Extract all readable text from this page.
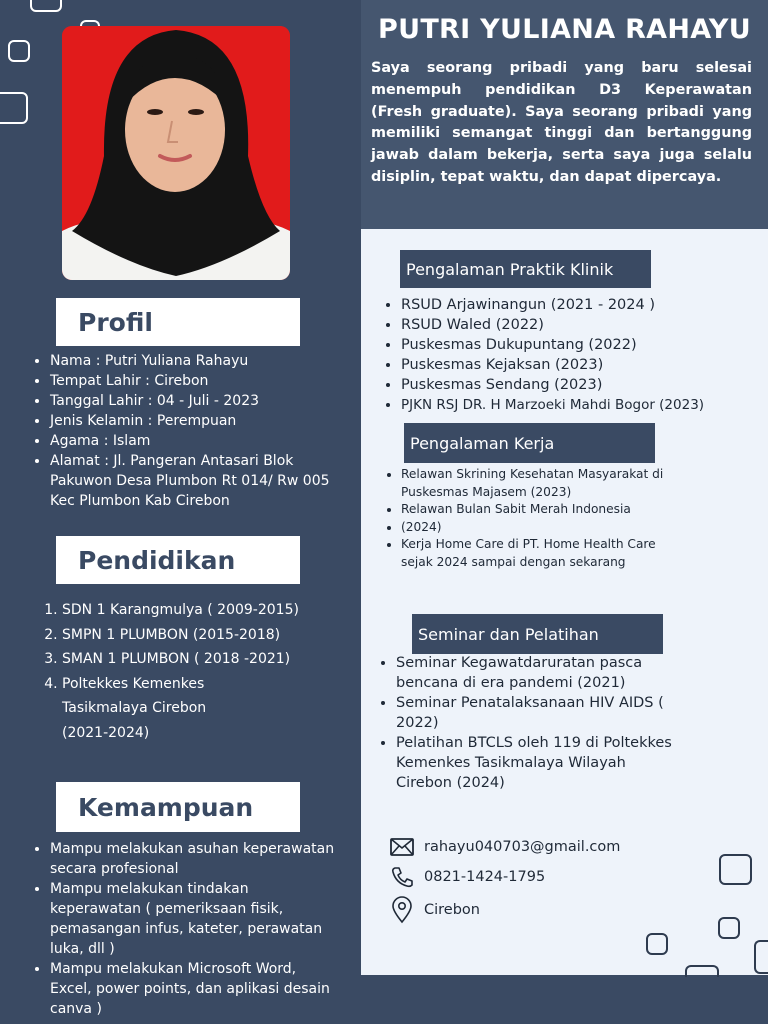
Profil
• Nama : Putri Yuliana Rahayu
• Tempat Lahir : Cirebon
• Tanggal Lahir : 04 - Juli - 2023
• Jenis Kelamin : Perempuan
• Agama : Islam
• Alamat : Jl. Pangeran Antasari Blok Pakuwon Desa Plumbon Rt 014/ Rw 005 Kec Plumbon Kab Cirebon
Pendidikan
1. SDN 1 Karangmulya ( 2009-2015)
2. SMPN 1 PLUMBON (2015-2018)
3. SMAN 1 PLUMBON ( 2018 -2021)
4. Poltekkes Kemenkes Tasikmalaya Cirebon (2021-2024)
Kemampuan
• Mampu melakukan asuhan keperawatan secara profesional
• Mampu melakukan tindakan keperawatan ( pemeriksaan fisik, pemasangan infus, kateter, perawatan luka, dll )
• Mampu melakukan Microsoft Word, Excel, power points, dan aplikasi desain canva )
PUTRI YULIANA RAHAYU
Saya seorang pribadi yang baru selesai menempuh pendidikan D3 Keperawatan (Fresh graduate). Saya seorang pribadi yang memiliki semangat tinggi dan bertanggung jawab dalam bekerja, serta saya juga selalu disiplin, tepat waktu, dan dapat dipercaya.
Pengalaman Praktik Klinik
• RSUD Arjawinangun (2021 - 2024 )
• RSUD Waled (2022)
• Puskesmas Dukupuntang (2022)
• Puskesmas Kejaksan (2023)
• Puskesmas Sendang (2023)
• PJKN RSJ DR. H Marzoeki Mahdi Bogor (2023)
Pengalaman Kerja
• Relawan Skrining Kesehatan Masyarakat di Puskesmas Majasem (2023)
• Relawan Bulan Sabit Merah Indonesia
• (2024)
• Kerja Home Care di PT. Home Health Care sejak 2024 sampai dengan sekarang
Seminar dan Pelatihan
• Seminar Kegawatdaruratan pasca bencana di era pandemi (2021)
• Seminar Penatalaksanaan HIV AIDS ( 2022)
• Pelatihan BTCLS oleh 119 di Poltekkes Kemenkes Tasikmalaya Wilayah Cirebon (2024)
rahayu040703@gmail.com
0821-1424-1795
Cirebon
